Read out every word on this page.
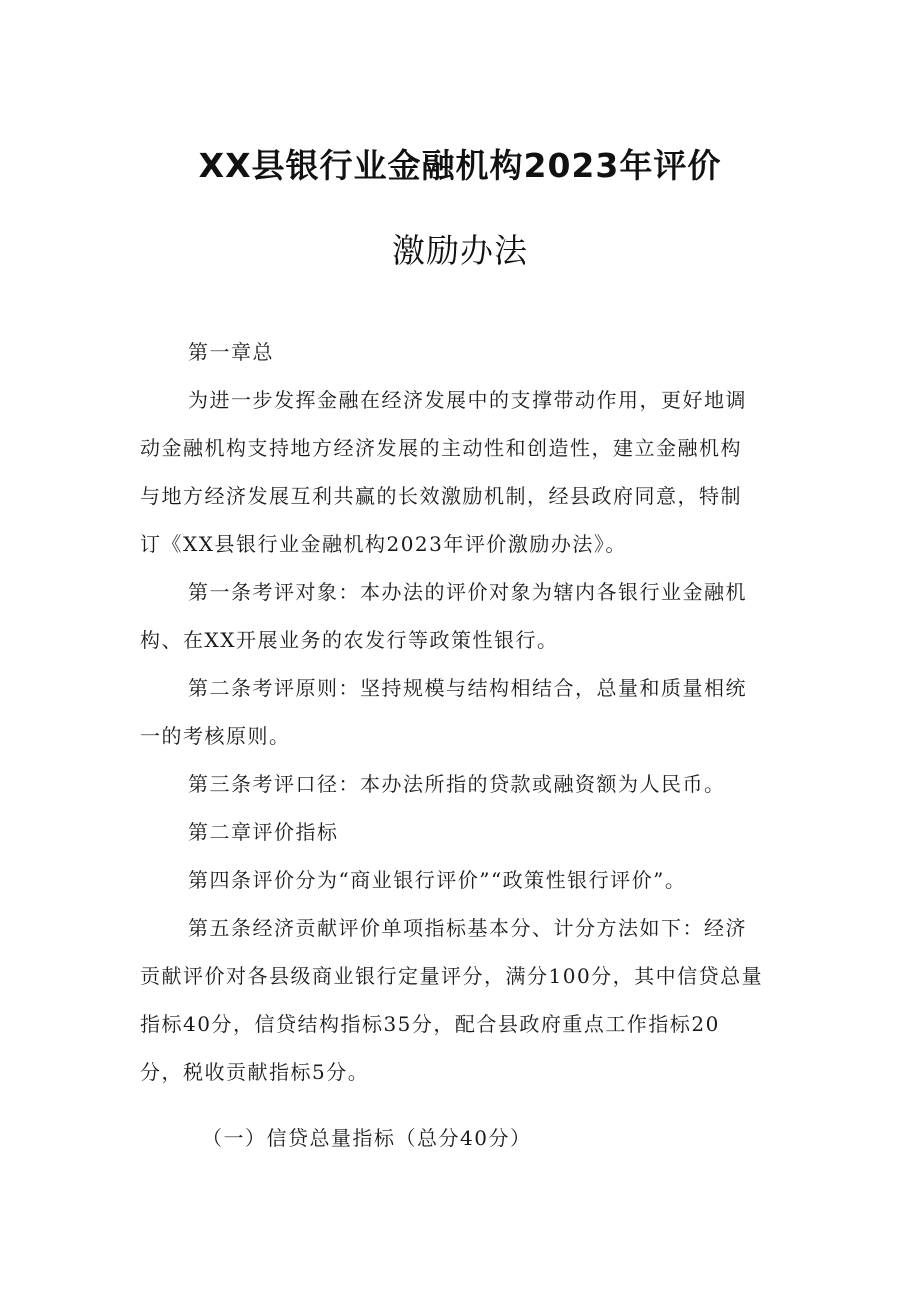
XX县银行业金融机构2023年评价
激励办法
第一章总
为进一步发挥金融在经济发展中的支撑带动作用，更好地调
动金融机构支持地方经济发展的主动性和创造性，建立金融机构
与地方经济发展互利共赢的长效激励机制，经县政府同意，特制
订《XX县银行业金融机构2023年评价激励办法》。
第一条考评对象：本办法的评价对象为辖内各银行业金融机
构、在XX开展业务的农发行等政策性银行。
第二条考评原则：坚持规模与结构相结合，总量和质量相统
一的考核原则。
第三条考评口径：本办法所指的贷款或融资额为人民币。
第二章评价指标
第四条评价分为“商业银行评价”“政策性银行评价”。
第五条经济贡献评价单项指标基本分、计分方法如下：经济
贡献评价对各县级商业银行定量评分，满分100分，其中信贷总量
指标40分，信贷结构指标35分，配合县政府重点工作指标20
分，税收贡献指标5分。
（一）信贷总量指标（总分40分）
